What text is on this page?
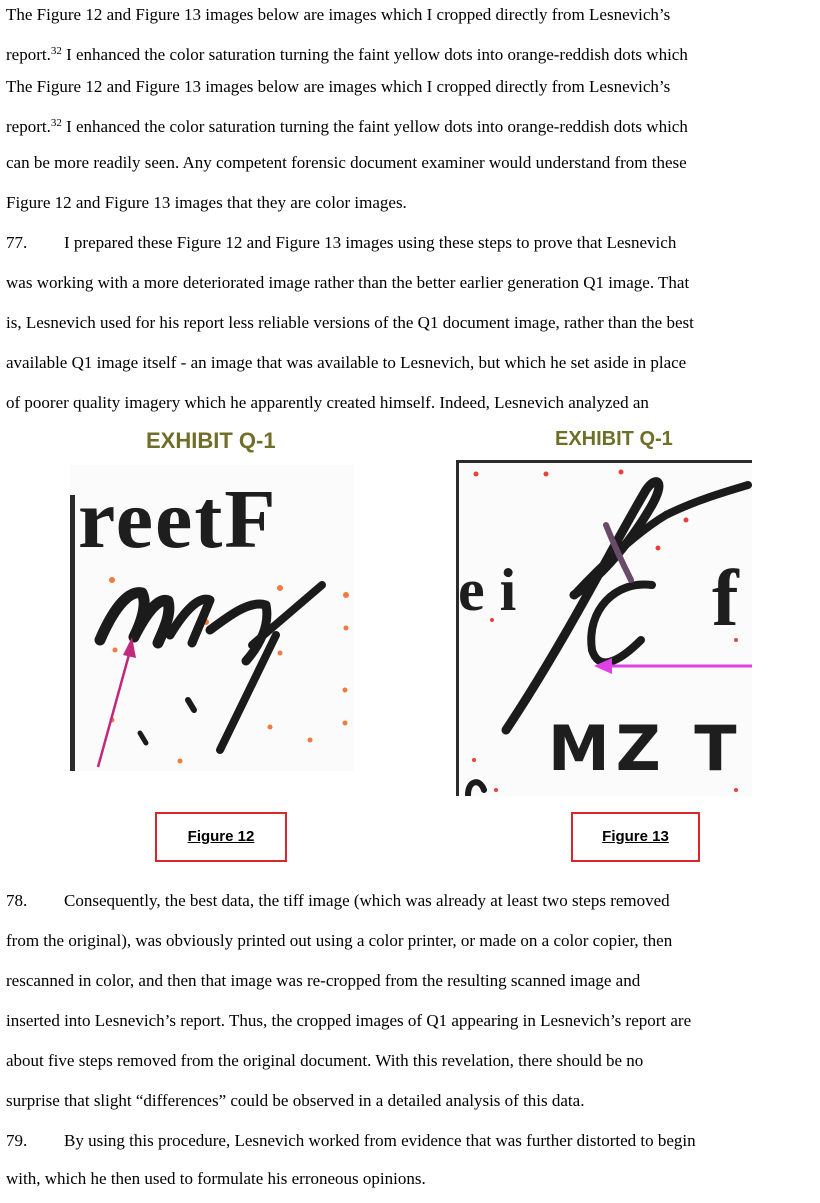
The Figure 12 and Figure 13 images below are images which I cropped directly from Lesnevich’s
report.$^{32}$ I enhanced the color saturation turning the faint yellow dots into orange-reddish dots which
The Figure 12 and Figure 13 images below are images which I cropped directly from Lesnevich’s
report.$^{32}$ I enhanced the color saturation turning the faint yellow dots into orange-reddish dots which
can be more readily seen. Any competent forensic document examiner would understand from these
Figure 12 and Figure 13 images that they are color images.
77. I prepared these Figure 12 and Figure 13 images using these steps to prove that Lesnevich
was working with a more deteriorated image rather than the better earlier generation Q1 image. That
is, Lesnevich used for his report less reliable versions of the Q1 document image, rather than the best
available Q1 image itself - an image that was available to Lesnevich, but which he set aside in place
of poorer quality imagery which he apparently created himself. Indeed, Lesnevich analyzed an
EXHIBIT Q-1
reetF
Figure 12
EXHIBIT Q-1
e i f
MZ T
Figure 13
78. Consequently, the best data, the tiff image (which was already at least two steps removed
from the original), was obviously printed out using a color printer, or made on a color copier, then
rescanned in color, and then that image was re-cropped from the resulting scanned image and
inserted into Lesnevich’s report. Thus, the cropped images of Q1 appearing in Lesnevich’s report are
about five steps removed from the original document. With this revelation, there should be no
surprise that slight “differences” could be observed in a detailed analysis of this data.
79. By using this procedure, Lesnevich worked from evidence that was further distorted to begin
with, which he then used to formulate his erroneous opinions.
